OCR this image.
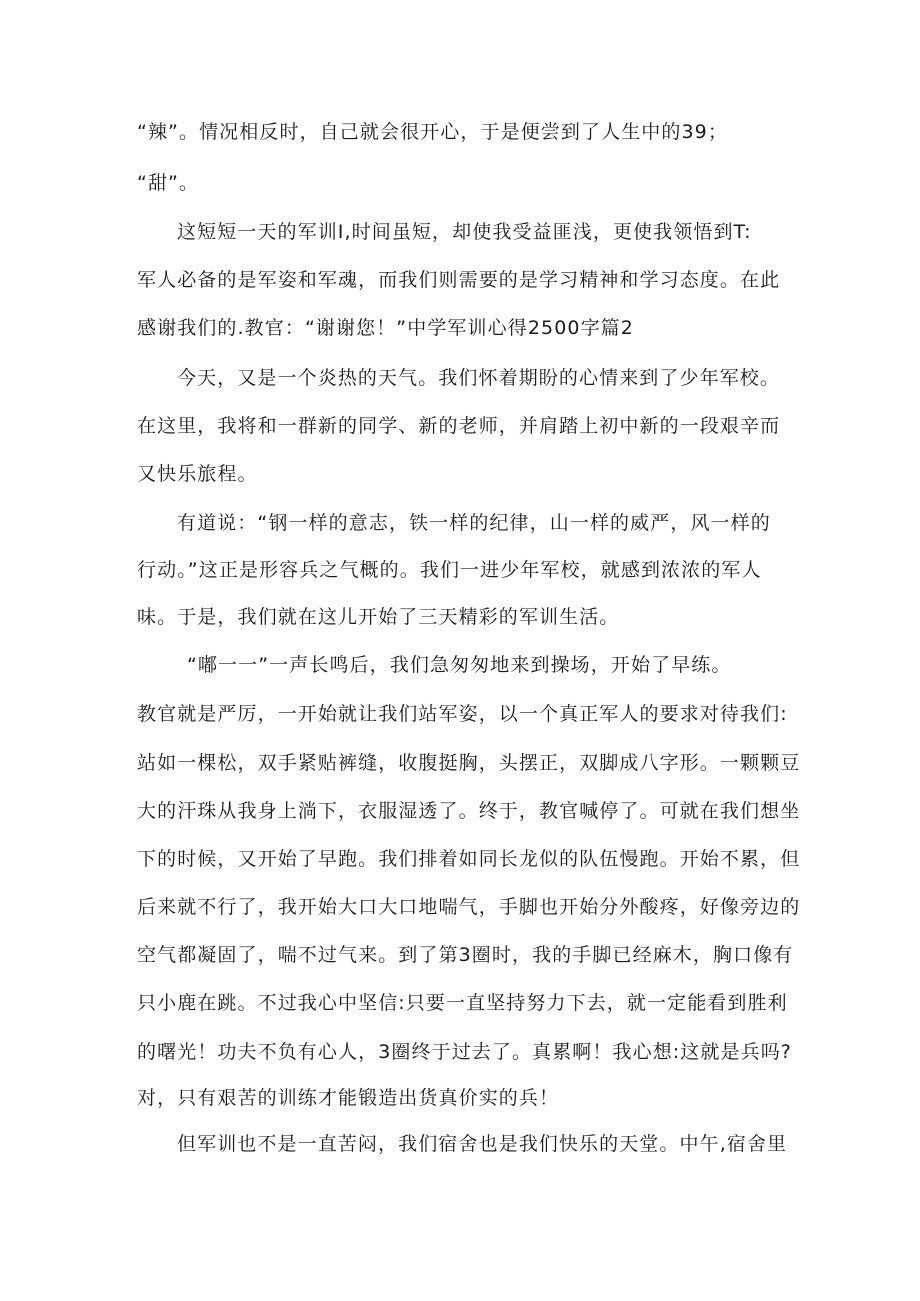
“辣”。情况相反时，自己就会很开心，于是便尝到了人生中的39；
“甜”。
这短短一天的军训I,时间虽短，却使我受益匪浅，更使我领悟到T:
军人必备的是军姿和军魂，而我们则需要的是学习精神和学习态度。在此
感谢我们的.教官：“谢谢您！”中学军训心得2500字篇2
今天，又是一个炎热的天气。我们怀着期盼的心情来到了少年军校。
在这里，我将和一群新的同学、新的老师，并肩踏上初中新的一段艰辛而
又快乐旅程。
有道说：“钢一样的意志，铁一样的纪律，山一样的威严，风一样的
行动。”这正是形容兵之气概的。我们一进少年军校，就感到浓浓的军人
味。于是，我们就在这儿开始了三天精彩的军训生活。
“嘟一一”一声长鸣后，我们急匆匆地来到操场，开始了早练。
教官就是严厉，一开始就让我们站军姿，以一个真正军人的要求对待我们:
站如一棵松，双手紧贴裤缝，收腹挺胸，头摆正，双脚成八字形。一颗颗豆
大的汗珠从我身上淌下，衣服湿透了。终于，教官喊停了。可就在我们想坐
下的时候，又开始了早跑。我们排着如同长龙似的队伍慢跑。开始不累，但
后来就不行了，我开始大口大口地喘气，手脚也开始分外酸疼，好像旁边的
空气都凝固了，喘不过气来。到了第3圈时，我的手脚已经麻木，胸口像有
只小鹿在跳。不过我心中坚信:只要一直坚持努力下去，就一定能看到胜利
的曙光！功夫不负有心人，3圈终于过去了。真累啊！我心想:这就是兵吗?
对，只有艰苦的训练才能锻造出货真价实的兵！
但军训也不是一直苦闷，我们宿舍也是我们快乐的天堂。中午,宿舍里
